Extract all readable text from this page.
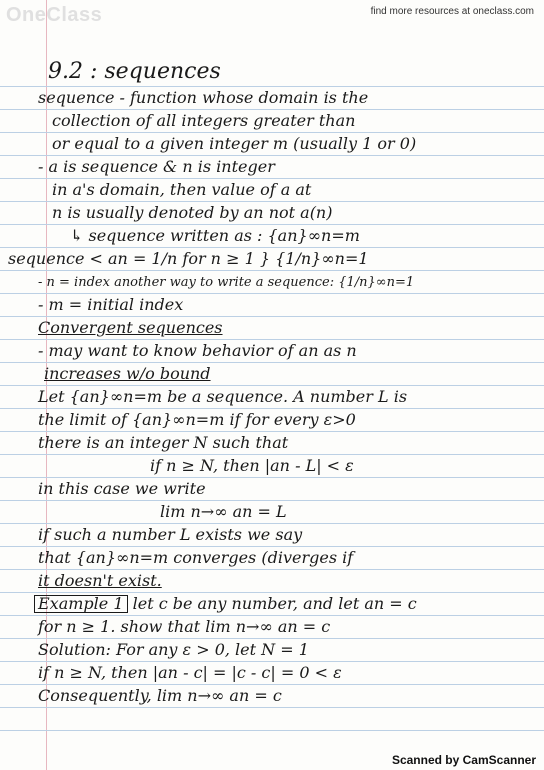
OneClass	find more resources at oneclass.com
9.2 : sequences
sequence - function whose domain is the
collection of all integers greater than
or equal to a given integer m (usually 1 or 0)
- a is sequence & n is integer
in a's domain, then value of a at
n is usually denoted by an not a(n)
↳ sequence written as : {an}∞n=m
sequence < an = 1/n for n ≥ 1 } {1/n}∞n=1
- n = index another way to write a sequence: {1/n}∞n=1
- m = initial index
Convergent sequences
- may want to know behavior of an as n
increases w/o bound
Let {an}∞n=m be a sequence. A number L is
the limit of {an}∞n=m if for every ε>0
there is an integer N such that
if n ≥ N, then |an - L| < ε
in this case we write
lim n→∞ an = L
if such a number L exists we say
that {an}∞n=m converges (diverges if
it doesn't exist.
Example 1 let c be any number, and let an = c
for n ≥ 1. show that lim n→∞ an = c
Solution: For any ε > 0, let N = 1
if n ≥ N, then |an - c| = |c - c| = 0 < ε
Consequently, lim n→∞ an = c
Scanned by CamScanner
